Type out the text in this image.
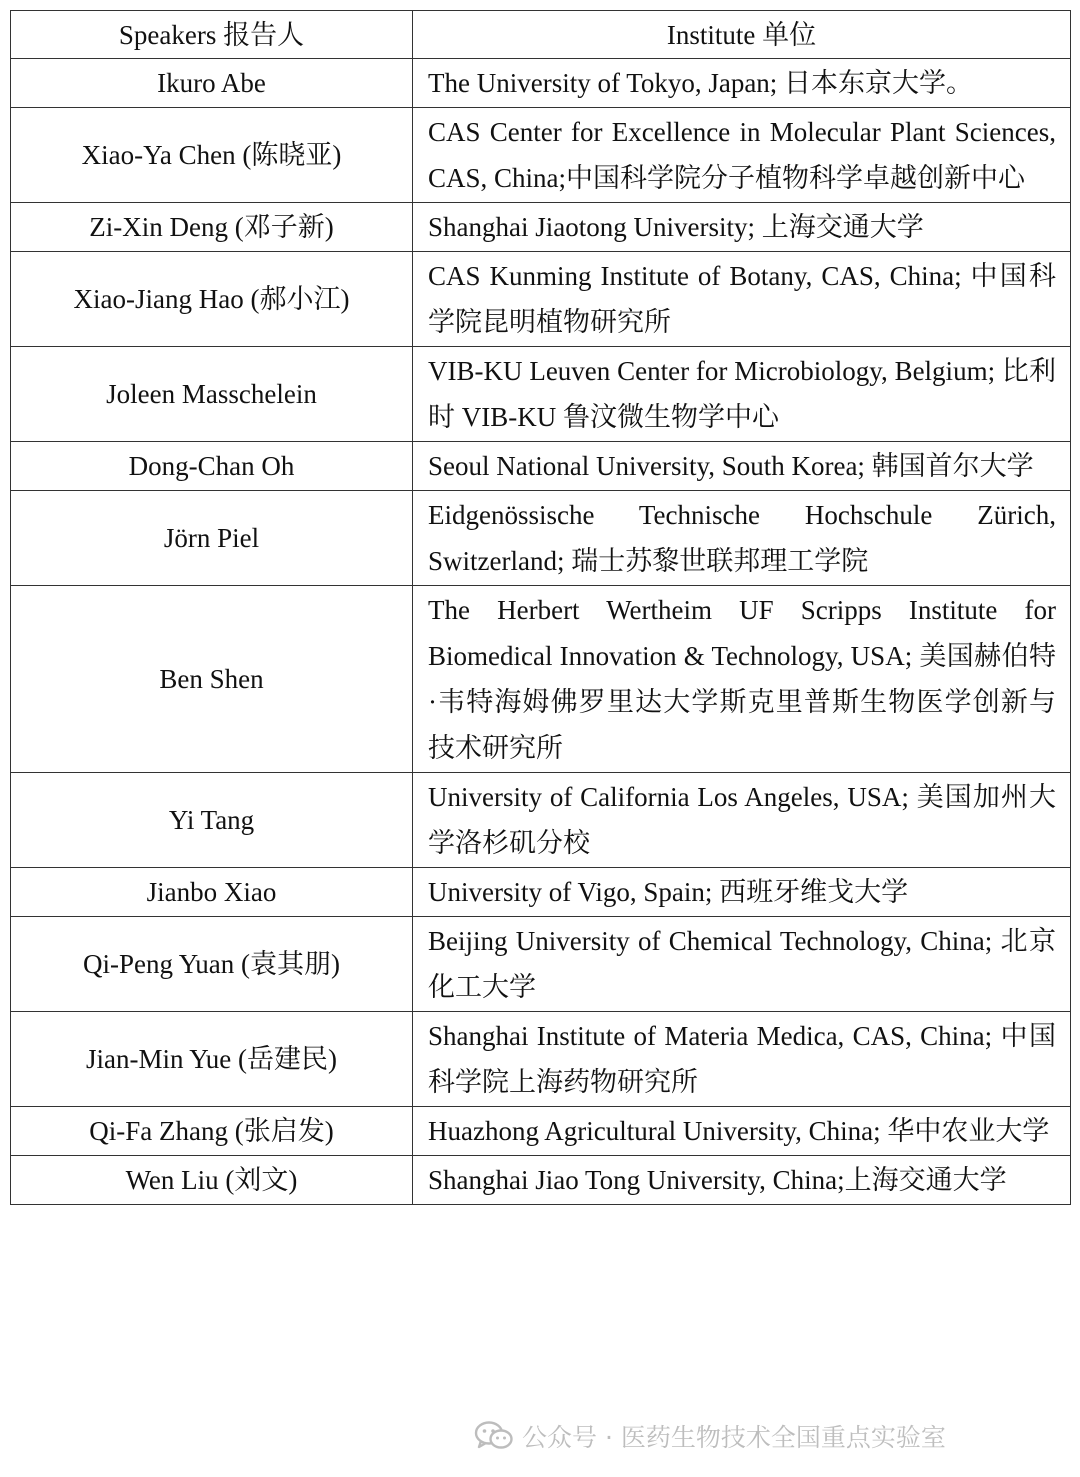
Speakers 报告人	Institute 单位
Ikuro Abe	The University of Tokyo, Japan; 日本东京大学。
Xiao-Ya Chen (陈晓亚)	CAS Center for Excellence in Molecular Plant Sciences, CAS, China;中国科学院分子植物科学卓越创新中心
Zi-Xin Deng (邓子新)	Shanghai Jiaotong University; 上海交通大学
Xiao-Jiang Hao (郝小江)	CAS Kunming Institute of Botany, CAS, China; 中国科学院昆明植物研究所
Joleen Masschelein	VIB-KU Leuven Center for Microbiology, Belgium; 比利时 VIB-KU 鲁汶微生物学中心
Dong-Chan Oh	Seoul National University, South Korea; 韩国首尔大学
Jörn Piel	Eidgenössische Technische Hochschule Zürich, Switzerland; 瑞士苏黎世联邦理工学院
Ben Shen	The Herbert Wertheim UF Scripps Institute for Biomedical Innovation & Technology, USA; 美国赫伯特·韦特海姆佛罗里达大学斯克里普斯生物医学创新与技术研究所
Yi Tang	University of California Los Angeles, USA; 美国加州大学洛杉矶分校
Jianbo Xiao	University of Vigo, Spain; 西班牙维戈大学
Qi-Peng Yuan (袁其朋)	Beijing University of Chemical Technology, China; 北京化工大学
Jian-Min Yue (岳建民)	Shanghai Institute of Materia Medica, CAS, China; 中国科学院上海药物研究所
Qi-Fa Zhang (张启发)	Huazhong Agricultural University, China; 华中农业大学
Wen Liu (刘文)	Shanghai Jiao Tong University, China;上海交通大学
公众号 · 医药生物技术全国重点实验室
